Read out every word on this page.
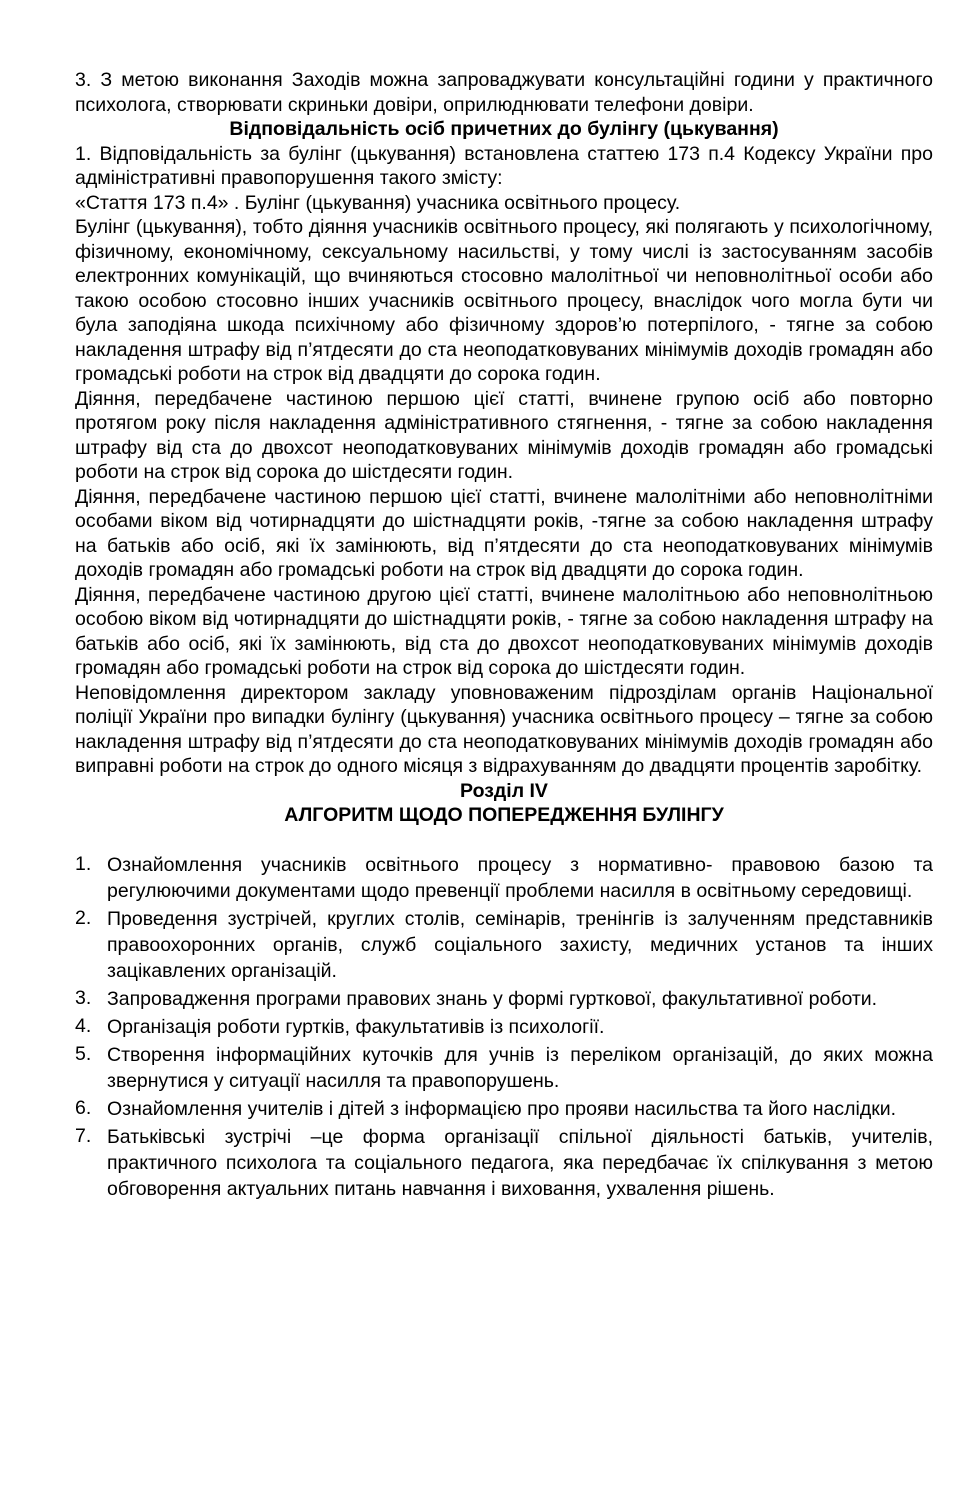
3. З метою виконання Заходів можна запроваджувати консультаційні години у практичного психолога, створювати скриньки довіри, оприлюднювати телефони довіри.

Відповідальність осіб причетних до булінгу (цькування)

1. Відповідальність за булінг (цькування) встановлена статтею 173 п.4 Кодексу України про адміністративні правопорушення такого змісту:

«Стаття 173 п.4» . Булінг (цькування) учасника освітнього процесу.

Булінг (цькування), тобто діяння учасників освітнього процесу, які полягають у психологічному, фізичному, економічному, сексуальному насильстві, у тому числі із застосуванням засобів електронних комунікацій, що вчиняються стосовно малолітньої чи неповнолітньої особи або такою особою стосовно інших учасників освітнього процесу, внаслідок чого могла бути чи була заподіяна шкода психічному або фізичному здоров’ю потерпілого, - тягне за собою накладення штрафу від п’ятдесяти до ста неоподатковуваних мінімумів доходів громадян або громадські роботи на строк від двадцяти до сорока годин.

Діяння, передбачене частиною першою цієї статті, вчинене групою осіб або повторно протягом року після накладення адміністративного стягнення, - тягне за собою накладення штрафу від ста до двохсот неоподатковуваних мінімумів доходів громадян або громадські роботи на строк від сорока до шістдесяти годин.

Діяння, передбачене частиною першою цієї статті, вчинене малолітніми або неповнолітніми особами віком від чотирнадцяти до шістнадцяти років, -тягне за собою накладення штрафу на батьків або осіб, які їх замінюють, від п’ятдесяти до ста неоподатковуваних мінімумів доходів громадян або громадські роботи на строк від двадцяти до сорока годин.

Діяння, передбачене частиною другою цієї статті, вчинене малолітньою або неповнолітньою особою віком від чотирнадцяти до шістнадцяти років, - тягне за собою накладення штрафу на батьків або осіб, які їх замінюють, від ста до двохсот неоподатковуваних мінімумів доходів громадян або громадські роботи на строк від сорока до шістдесяти годин.

Неповідомлення директором закладу уповноваженим підрозділам органів Національної поліції України про випадки булінгу (цькування) учасника освітнього процесу – тягне за собою накладення штрафу від п’ятдесяти до ста неоподатковуваних мінімумів доходів громадян або виправні роботи на строк до одного місяця з відрахуванням до двадцяти процентів заробітку.

Розділ IV
АЛГОРИТМ ЩОДО ПОПЕРЕДЖЕННЯ БУЛІНГУ
1. Ознайомлення учасників освітнього процесу з нормативно- правовою базою та регулюючими документами щодо превенції проблеми насилля в освітньому середовищі.
2. Проведення зустрічей, круглих столів, семінарів, тренінгів із залученням представників правоохоронних органів, служб соціального захисту, медичних установ та інших зацікавлених організацій.
3. Запровадження програми правових знань у формі гурткової, факультативної роботи.
4. Організація роботи гуртків, факультативів із психології.
5. Створення інформаційних куточків для учнів із переліком організацій, до яких можна звернутися у ситуації насилля та правопорушень.
6. Ознайомлення учителів і дітей з інформацією про прояви насильства та його наслідки.
7. Батьківські зустрічі –це форма організації спільної діяльності батьків, учителів, практичного психолога та соціального педагога, яка передбачає їх спілкування з метою обговорення актуальних питань навчання і виховання, ухвалення рішень.
